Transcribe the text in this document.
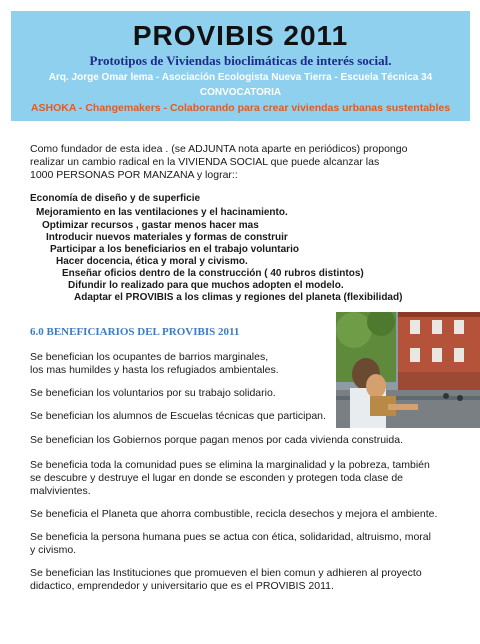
PROVIBIS 2011
Prototipos de Viviendas bioclimáticas de interés social.
Arq. Jorge Omar lema - Asociación Ecologista Nueva Tierra - Escuela Técnica 34
CONVOCATORIA
ASHOKA - Changemakers - Colaborando para crear viviendas urbanas sustentables
Como fundador de esta idea . (se ADJUNTA nota aparte en periódicos) propongo
realizar un cambio radical en la VIVIENDA SOCIAL que puede alcanzar las
1000 PERSONAS POR MANZANA y lograr::
Economía de diseño y de superficie
Mejoramiento en las ventilaciones y el hacinamiento.
Optimizar recursos , gastar menos hacer mas
Introducir nuevos materiales y formas de construir
Participar a los beneficiarios en el trabajo voluntario
Hacer docencia, ética y moral y civismo.
Enseñar oficios dentro de la construcción ( 40 rubros distintos)
Difundir lo realizado para que muchos adopten el modelo.
Adaptar el PROVIBIS a los climas y regiones del planeta (flexibilidad)
6.0 BENEFICIARIOS DEL PROVIBIS 2011
Se benefician los ocupantes de barrios marginales,
los mas humildes y hasta los refugiados ambientales.
Se benefician los voluntarios por su trabajo solidario.
Se benefician los alumnos de Escuelas técnicas que participan.
Se benefician los Gobiernos porque pagan menos por cada vivienda construida.
Se beneficia toda la comunidad pues se elimina la marginalidad y la pobreza, también
se descubre y destruye el lugar en donde se esconden y protegen toda clase de
malvivientes.
Se beneficia el Planeta que ahorra combustible, recicla desechos y mejora el ambiente.
Se beneficia la persona humana pues se actua con ética, solidaridad, altruismo, moral
y civismo.
Se benefician las Instituciones que promueven el bien comun y adhieren al proyecto
didactico, emprendedor y universitario que es el PROVIBIS 2011.
